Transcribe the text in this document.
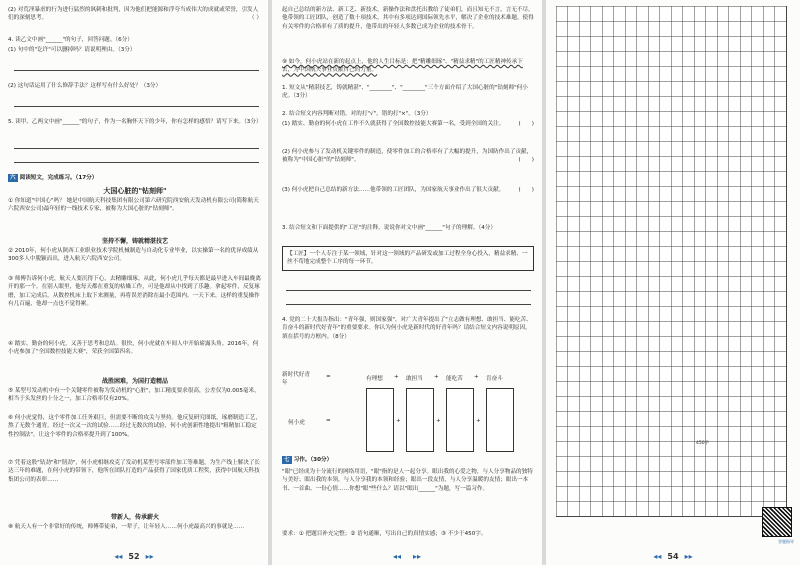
(2) 对荒淫暴虐的行为进行猛烈的讽刺和批判，因为他们把能源和浮夸当成伟大的成就或荣誉，引发人们的深刻思考。	（ ）
4. 读乙文中画"______"的句子，回答问题。（6分）
(1) 句中的"讫许"可以删掉吗？请说明理由。（3分）
(2) 这句话运用了什么修辞手法？这样写有什么好处？（3分）
5. 读甲、乙两文中画"______"的句子，作为一名胸怀天下的少年，你有怎样的感悟？请写下来。（3分）
六 阅读短文，完成练习。（17分）
大国心脏的"钻刻师"
① 你知道"中国心"吗？ 她是中国航天科技集团有限公司第六研究院西安航天发动机有限公司(简称航天六院西安公司)最年轻的一线技术专家，被称为大国心脏的"钻刻师"。
坚持不懈，铸就精湛技艺
② 2010年，何小虎从陕西工业职业技术学院机械制造与自动化专业毕业，以实操第一名的优异成绩从300多人中脱颖而出，进入航天六院西安公司。
③ 师傅告诉何小虎，航天人要沉得下心，去精雕细琢。从此，何小虎几乎每天都是最早进入车间最晚离开的那一个。在别人眼里，他每天都在重复的枯燥工作，可是他却从中找到了乐趣。拿起零件，反复琢磨，加工完成后，从数控机床上取下来测量，再将误差消除在最小范围内。一天下来，这样的重复操作有几百遍，他却一点也不觉得累。
④ 踏实、勤奋的何小虎，又善于思考和总结。很快，何小虎就在车间人中开始崭露头角。2016年，何小虎参加了"全国数控技能大赛"，荣获全国第四名。
战胜困难，为国打造精品
⑤ 某型号发动机中有一个关键零件被称为发动机的"心脏"，加工精度要求很高，公差仅为0.005毫米，相当于头发丝的十分之一，加工合格率仅有20%。
⑥ 何小虎觉得，这个零件加工任务艰巨，但需要不断的攻关与坚持。他反复研究图纸，琢磨制造工艺，熬了无数个通宵，经过一次又一次的试验……经过无数次的试验，何小虎创新性地提出"粗精加工稳定性控制法"，让这个零件的合格率提升到了100%。
⑦ 凭着这股"钻劲"和"韧劲"，何小虎相继攻克了发动机某型号零部件加工等难题，为生产线上解决了长达三年的难题，在何小虎的带领下，他所在团队打造的产品获得了国家优质工程奖，获得中国航天科技集团公司的表彰……
带新人，传承薪火
⑧ 航天人有一个非常好的传统，师傅带徒弟，一辈子，让年轻人……何小虎最高兴的事就是……
◂◂ 52 ▸▸
起自己总结的新方法、新工艺、新技术，新操作法和盘托出教给了徒弟们，而且知无不言，言无不尽，他带领的工匠团队，创造了数十项技术，其中有多项达到国际领先水平，解决了企业的技术难题，使得有关零件的合格率有了质的提升，他带出的年轻人多数已成为企业的技术骨干。
⑨ 如今，何小虎站在新的起点上，他的人生目标是：把"精雕细琢"、"精益求精"的工匠精神传承下去，为中国航天事业贡献自己的力量。
1. 短文从"精湛技艺，铸就精湛"、"________"、"________"三个方面介绍了大国心脏的"钻刻师"何小虎。（3分）
2. 结合短文内容判断对错，对的打"√"，错的打"×"。（3分）
(1) 踏实、勤奋的何小虎在工作不久就获得了全国数控技能大赛第一名，受到全国的关注。	(　　)
(2) 何小虎参与了发动机关键零件的制造，使零件加工的合格率有了大幅的提升，为国防作出了贡献，被称为"中国心脏"的"钻刻师"。	(　　)
(3) 何小虎把自己总结的新方法……他带领的工匠团队，为国家航天事业作出了很大贡献。	(　　)
3. 结合短文和下面提供的"工匠"的注释，说说你对文中画"______"句子的理解。（4分）
【工匠】一个人专注于某一领域，针对这一领域的产品研发或加工过程全身心投入，精益求精、一丝不苟地完成整个工序的每一环节。
4. 党的二十大报告指出："青年强，则国家强"，对广大青年提出了"立志做有理想、敢担当、能吃苦、肯奋斗的新时代好青年"的重要要求。你认为何小虎是新时代的好青年吗？请结合短文内容说明原因，填在括号的方框内。（8分）
新时代好青年
何小虎
=
=
有理想 + 敢担当 + 能吃苦 + 肯奋斗
+	+	+
七 习作。（30分）
"眼"已经成为十分流行的网络用语，"眼"指的是人一起分享。眼出我的心爱之物，与人分享物品的独特与美好；眼出我的本领，与人分享我的本领和经验；眼出一段友情，与人分享温暖的友情；眼出一本书、一首曲、一份心情……你想"眼"些什么？请以"眼出______"为题，写一篇习作。
要求：① 把题目补充完整；② 语句通顺，写出自己的真情实感；③ 不少于450字。
◂◂ ▸▸
450字
答题指导
◂◂ 54 ▸▸
